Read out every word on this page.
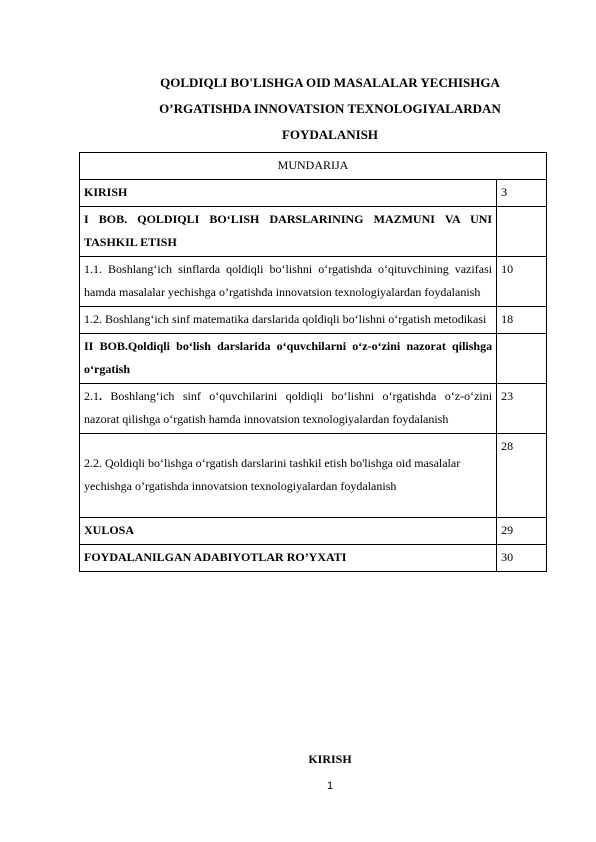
QOLDIQLI BO'LISHGA OID MASALALAR YECHISHGA
O’RGATISHDA INNOVATSION TEXNOLOGIYALARDAN
FOYDALANISH
MUNDARIJA	
KIRISH	3
I BOB. QOLDIQLI BO‘LISH DARSLARINING MAZMUNI VA UNI TASHKIL ETISH	
1.1. Boshlang‘ich sinflarda qoldiqli bo‘lishni o‘rgatishda o‘qituvchining vazifasi hamda masalalar yechishga o’rgatishda innovatsion texnologiyalardan foydalanish	10
1.2. Boshlang‘ich sinf matematika darslarida qoldiqli bo‘lishni o‘rgatish metodikasi	18
II BOB.Qoldiqli bo‘lish darslarida o‘quvchilarni o‘z-o‘zini nazorat qilishga o‘rgatish	
2.1. Boshlang‘ich sinf o‘quvchilarini qoldiqli bo‘lishni o‘rgatishda o‘z-o‘zini nazorat qilishga o‘rgatish hamda innovatsion texnologiyalardan foydalanish	23
2.2. Qoldiqli bo‘lishga o‘rgatish darslarini tashkil etish bo'lishga oid masalalar yechishga o’rgatishda innovatsion texnologiyalardan foydalanish	28
XULOSA	29
FOYDALANILGAN ADABIYOTLAR RO’YXATI	30
KIRISH
1
